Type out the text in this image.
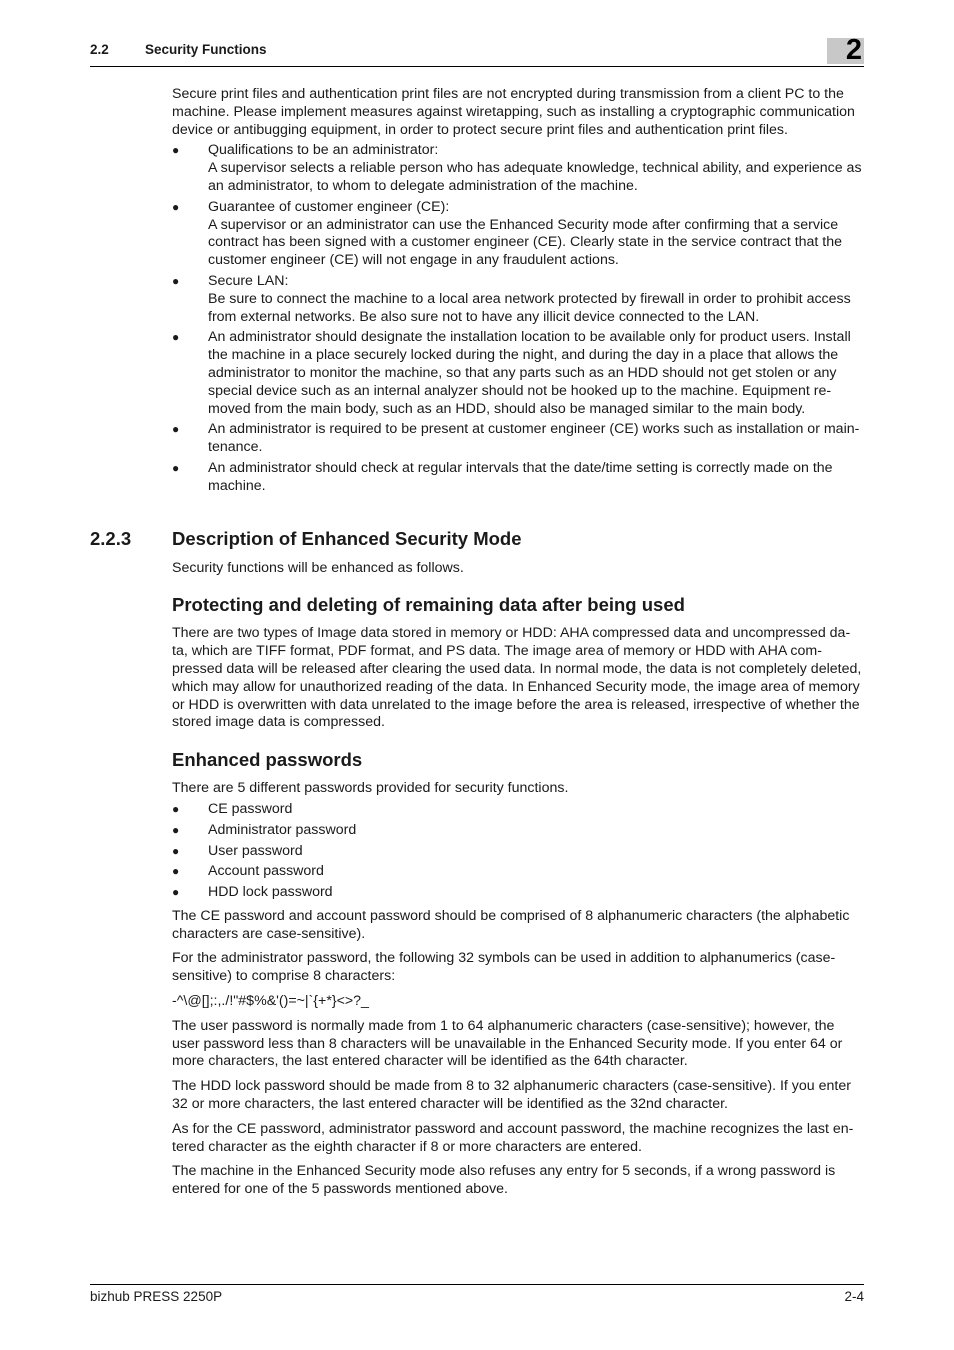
2.2	Security Functions	2

Secure print files and authentication print files are not encrypted during transmission from a client PC to the machine. Please implement measures against wiretapping, such as installing a cryptographic communication device or antibugging equipment, in order to protect secure print files and authentication print files.

● Qualifications to be an administrator:
A supervisor selects a reliable person who has adequate knowledge, technical ability, and experience as an administrator, to whom to delegate administration of the machine.
● Guarantee of customer engineer (CE):
A supervisor or an administrator can use the Enhanced Security mode after confirming that a service contract has been signed with a customer engineer (CE). Clearly state in the service contract that the customer engineer (CE) will not engage in any fraudulent actions.
● Secure LAN:
Be sure to connect the machine to a local area network protected by firewall in order to prohibit access from external networks. Be also sure not to have any illicit device connected to the LAN.
● An administrator should designate the installation location to be available only for product users. Install the machine in a place securely locked during the night, and during the day in a place that allows the administrator to monitor the machine, so that any parts such as an HDD should not get stolen or any special device such as an internal analyzer should not be hooked up to the machine. Equipment re-moved from the main body, such as an HDD, should also be managed similar to the main body.
● An administrator is required to be present at customer engineer (CE) works such as installation or main-tenance.
● An administrator should check at regular intervals that the date/time setting is correctly made on the machine.
2.2.3 Description of Enhanced Security Mode

Security functions will be enhanced as follows.

Protecting and deleting of remaining data after being used

There are two types of Image data stored in memory or HDD: AHA compressed data and uncompressed da-ta, which are TIFF format, PDF format, and PS data. The image area of memory or HDD with AHA com-pressed data will be released after clearing the used data. In normal mode, the data is not completely deleted, which may allow for unauthorized reading of the data. In Enhanced Security mode, the image area of memory or HDD is overwritten with data unrelated to the image before the area is released, irrespective of whether the stored image data is compressed.

Enhanced passwords

There are 5 different passwords provided for security functions.

● CE password
● Administrator password
● User password
● Account password
● HDD lock password

The CE password and account password should be comprised of 8 alphanumeric characters (the alphabetic characters are case-sensitive).

For the administrator password, the following 32 symbols can be used in addition to alphanumerics (case-sensitive) to comprise 8 characters:

-^\@[];:,./!"#$%&'()=~|`{+*}<>?_

The user password is normally made from 1 to 64 alphanumeric characters (case-sensitive); however, the user password less than 8 characters will be unavailable in the Enhanced Security mode. If you enter 64 or more characters, the last entered character will be identified as the 64th character.

The HDD lock password should be made from 8 to 32 alphanumeric characters (case-sensitive). If you enter 32 or more characters, the last entered character will be identified as the 32nd character.

As for the CE password, administrator password and account password, the machine recognizes the last en-tered character as the eighth character if 8 or more characters are entered.

The machine in the Enhanced Security mode also refuses any entry for 5 seconds, if a wrong password is entered for one of the 5 passwords mentioned above.

bizhub PRESS 2250P	2-4
